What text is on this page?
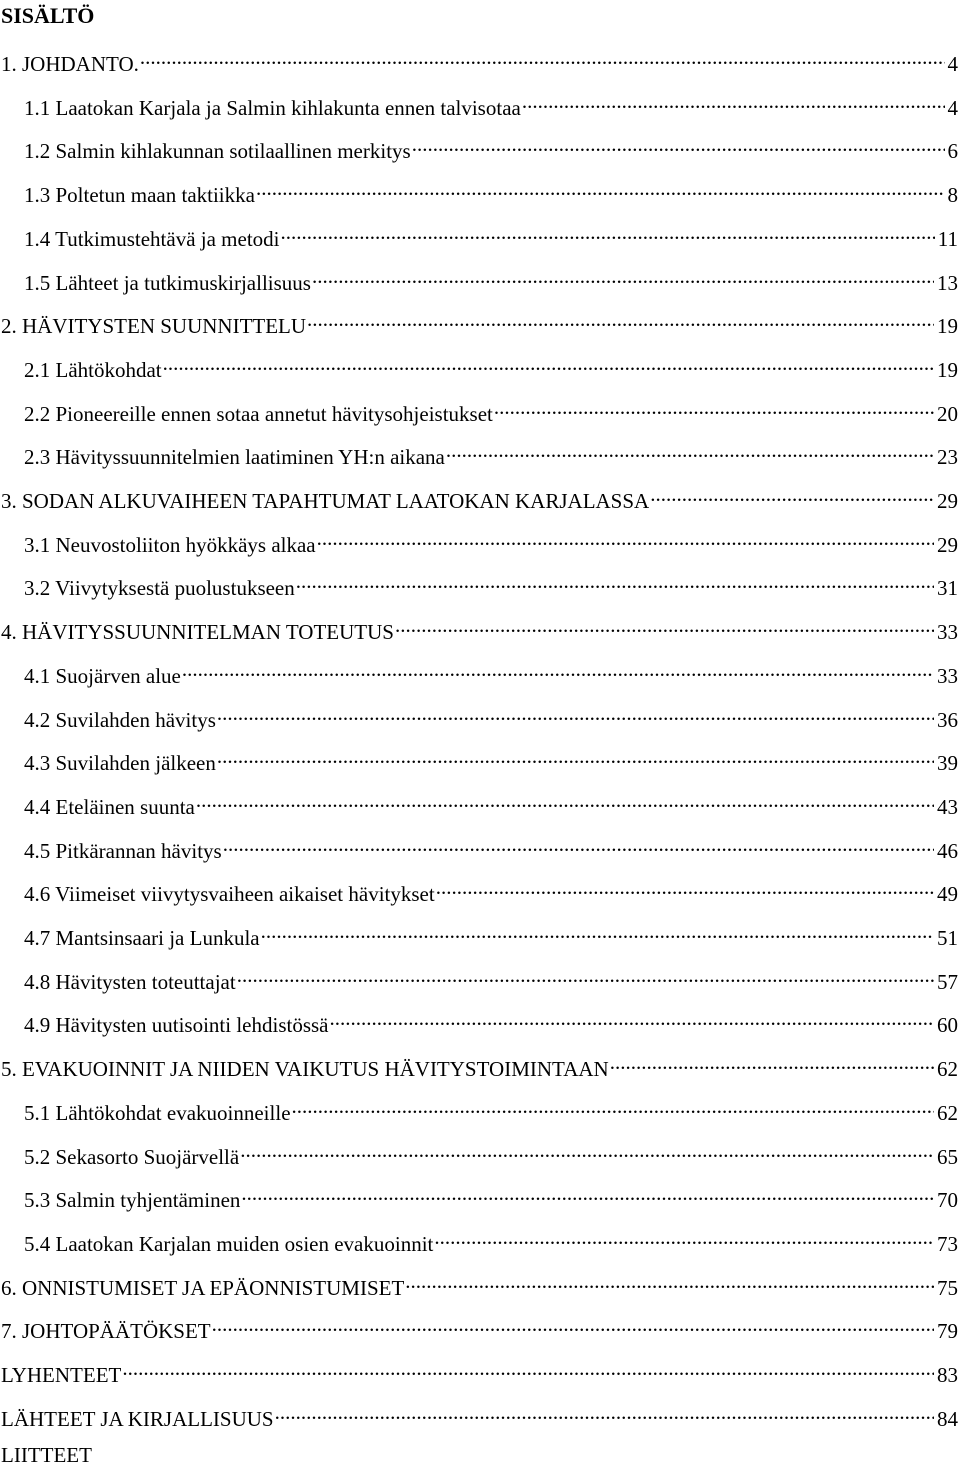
SISÄLTÖ
1. JOHDANTO. .....	4
1.1 Laatokan Karjala ja Salmin kihlakunta ennen talvisotaa .....	4
1.2 Salmin kihlakunnan sotilaallinen merkitys .....	6
1.3 Poltetun maan taktiikka .....	8
1.4 Tutkimustehtävä ja metodi .....	11
1.5 Lähteet ja tutkimuskirjallisuus .....	13
2. HÄVITYSTEN SUUNNITTELU .....	19
2.1 Lähtökohdat .....	19
2.2 Pioneereille ennen sotaa annetut hävitysohjeistukset .....	20
2.3 Hävityssuunnitelmien laatiminen YH:n aikana .....	23
3. SODAN ALKUVAIHEEN TAPAHTUMAT LAATOKAN KARJALASSA .....	29
3.1 Neuvostoliiton hyökkäys alkaa .....	29
3.2 Viivytyksestä puolustukseen .....	31
4. HÄVITYSSUUNNITELMAN TOTEUTUS .....	33
4.1 Suojärven alue .....	33
4.2 Suvilahden hävitys .....	36
4.3 Suvilahden jälkeen .....	39
4.4 Eteläinen suunta .....	43
4.5 Pitkärannan hävitys .....	46
4.6 Viimeiset viivytysvaiheen aikaiset hävitykset .....	49
4.7 Mantsinsaari ja Lunkula .....	51
4.8 Hävitysten toteuttajat .....	57
4.9 Hävitysten uutisointi lehdistössä .....	60
5. EVAKUOINNIT JA NIIDEN VAIKUTUS HÄVITYSTOIMINTAAN .....	62
5.1 Lähtökohdat evakuoinneille .....	62
5.2 Sekasorto Suojärvellä .....	65
5.3 Salmin tyhjentäminen .....	70
5.4 Laatokan Karjalan muiden osien evakuoinnit .....	73
6. ONNISTUMISET JA EPÄONNISTUMISET .....	75
7. JOHTOPÄÄTÖKSET .....	79
LYHENTEET .....	83
LÄHTEET JA KIRJALLISUUS .....	84
LIITTEET
